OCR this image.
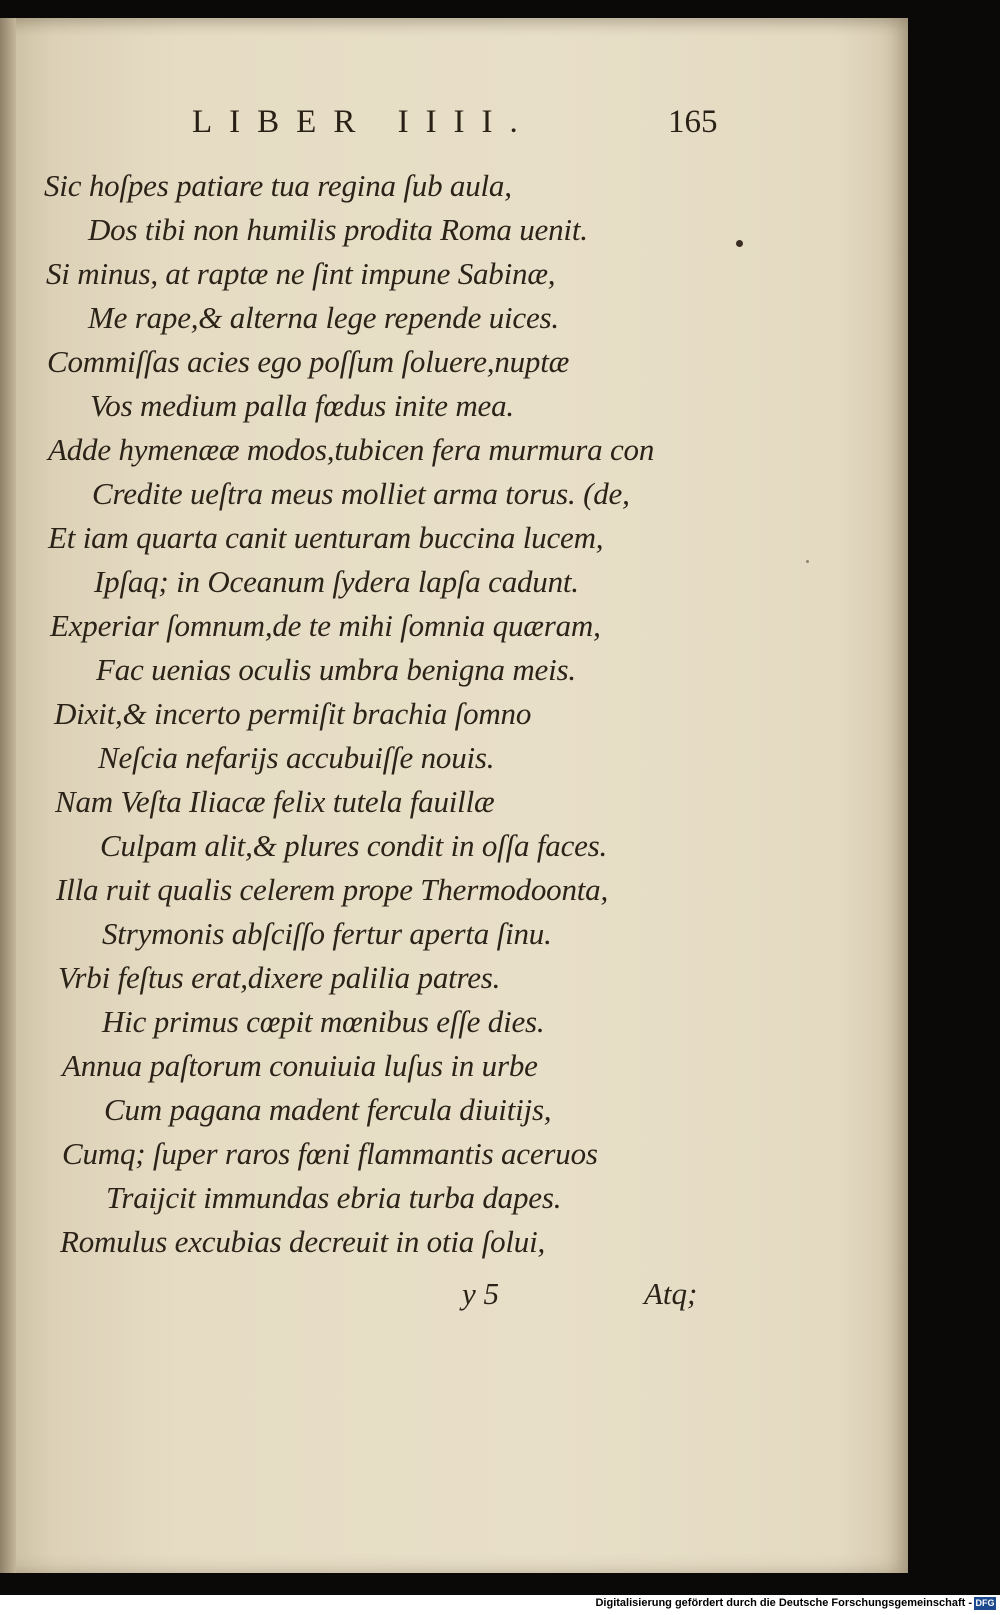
LIBER IIII.	165
Sic hoſpes patiare tua regina ſub aula,
Dos tibi non humilis prodita Roma uenit.
Si minus, at raptæ ne ſint impune Sabinæ,
Me rape,& alterna lege repende uices.
Commiſſas acies ego poſſum ſoluere,nuptæ
Vos medium palla fœdus inite mea.
Adde hymenææ modos,tubicen fera murmura con
Credite ueſtra meus molliet arma torus. (de,
Et iam quarta canit uenturam buccina lucem,
Ipſaq; in Oceanum ſydera lapſa cadunt.
Experiar ſomnum,de te mihi ſomnia quæram,
Fac uenias oculis umbra benigna meis.
Dixit,& incerto permiſit brachia ſomno
Neſcia nefarijs accubuiſſe nouis.
Nam Veſta Iliacæ felix tutela fauillæ
Culpam alit,& plures condit in oſſa faces.
Illa ruit qualis celerem prope Thermodoonta,
Strymonis abſciſſo fertur aperta ſinu.
Vrbi feſtus erat,dixere palilia patres.
Hic primus cœpit mœnibus eſſe dies.
Annua paſtorum conuiuia luſus in urbe
Cum pagana madent fercula diuitijs,
Cumq; ſuper raros fœni flammantis aceruos
Traijcit immundas ebria turba dapes.
Romulus excubias decreuit in otia ſolui,
y 5	Atq;
Digitalisierung gefördert durch die Deutsche Forschungsgemeinschaft - DFG
